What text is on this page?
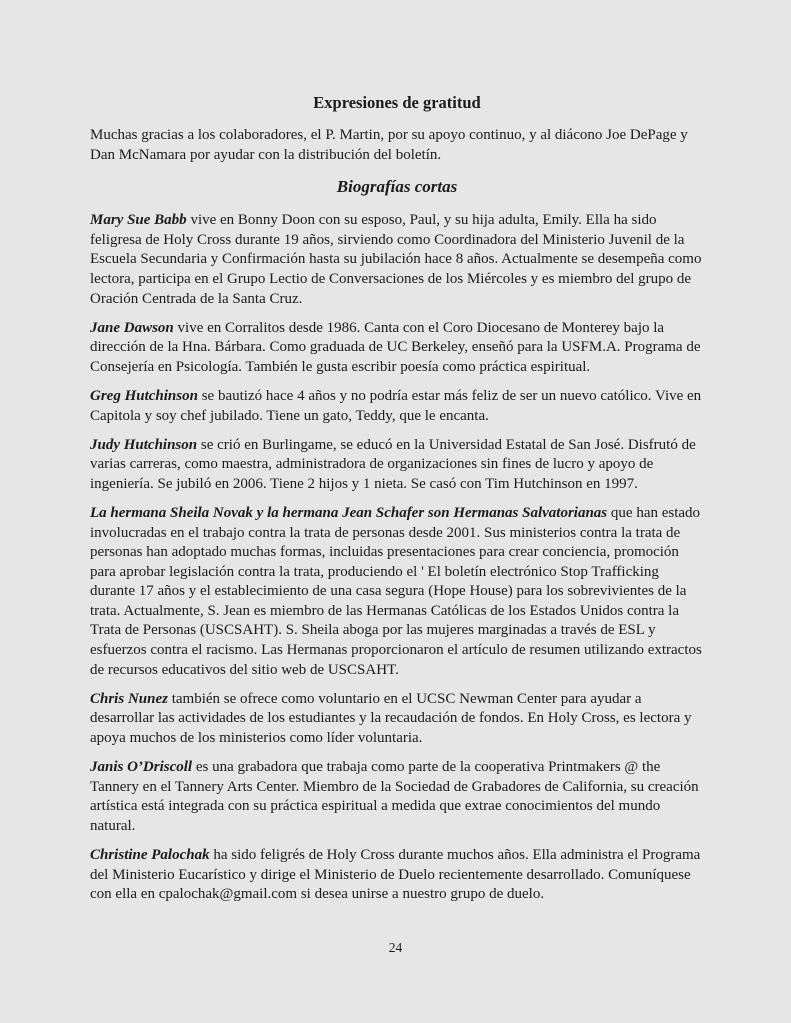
Expresiones de gratitud

Muchas gracias a los colaboradores, el P. Martin, por su apoyo continuo, y al diácono Joe DePage y Dan McNamara por ayudar con la distribución del boletín.

Biografías cortas

Mary Sue Babb vive en Bonny Doon con su esposo, Paul, y su hija adulta, Emily. Ella ha sido feligresa de Holy Cross durante 19 años, sirviendo como Coordinadora del Ministerio Juvenil de la Escuela Secundaria y Confirmación hasta su jubilación hace 8 años. Actualmente se desempeña como lectora, participa en el Grupo Lectio de Conversaciones de los Miércoles y es miembro del grupo de Oración Centrada de la Santa Cruz.

Jane Dawson vive en Corralitos desde 1986. Canta con el Coro Diocesano de Monterey bajo la dirección de la Hna. Bárbara. Como graduada de UC Berkeley, enseñó para la USFM.A. Programa de Consejería en Psicología. También le gusta escribir poesía como práctica espiritual.

Greg Hutchinson se bautizó hace 4 años y no podría estar más feliz de ser un nuevo católico. Vive en Capitola y soy chef jubilado. Tiene un gato, Teddy, que le encanta.

Judy Hutchinson se crió en Burlingame, se educó en la Universidad Estatal de San José. Disfrutó de varias carreras, como maestra, administradora de organizaciones sin fines de lucro y apoyo de ingeniería. Se jubiló en 2006. Tiene 2 hijos y 1 nieta. Se casó con Tim Hutchinson en 1997.

La hermana Sheila Novak y la hermana Jean Schafer son Hermanas Salvatorianas que han estado involucradas en el trabajo contra la trata de personas desde 2001. Sus ministerios contra la trata de personas han adoptado muchas formas, incluidas presentaciones para crear conciencia, promoción para aprobar legislación contra la trata, produciendo el ' El boletín electrónico Stop Trafficking durante 17 años y el establecimiento de una casa segura (Hope House) para los sobrevivientes de la trata. Actualmente, S. Jean es miembro de las Hermanas Católicas de los Estados Unidos contra la Trata de Personas (USCSAHT). S. Sheila aboga por las mujeres marginadas a través de ESL y esfuerzos contra el racismo. Las Hermanas proporcionaron el artículo de resumen utilizando extractos de recursos educativos del sitio web de USCSAHT.

Chris Nunez también se ofrece como voluntario en el UCSC Newman Center para ayudar a desarrollar las actividades de los estudiantes y la recaudación de fondos. En Holy Cross, es lectora y apoya muchos de los ministerios como líder voluntaria.

Janis O’Driscoll es una grabadora que trabaja como parte de la cooperativa Printmakers @ the Tannery en el Tannery Arts Center. Miembro de la Sociedad de Grabadores de California, su creación artística está integrada con su práctica espiritual a medida que extrae conocimientos del mundo natural.

Christine Palochak ha sido feligrés de Holy Cross durante muchos años. Ella administra el Programa del Ministerio Eucarístico y dirige el Ministerio de Duelo recientemente desarrollado. Comuníquese con ella en cpalochak@gmail.com si desea unirse a nuestro grupo de duelo.

24
